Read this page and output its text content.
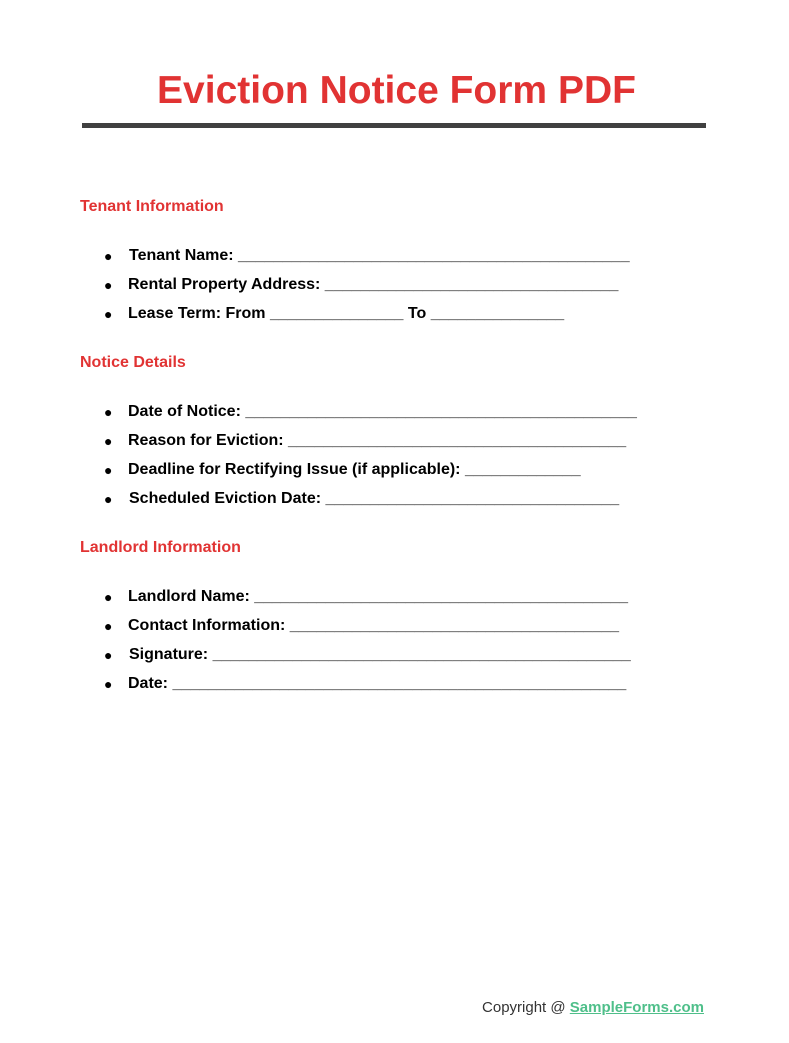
Eviction Notice Form PDF
Tenant Information
● Tenant Name: ____________________________________________
● Rental Property Address: _________________________________
● Lease Term: From _______________ To _______________
Notice Details
● Date of Notice: ____________________________________________
● Reason for Eviction: ______________________________________
● Deadline for Rectifying Issue (if applicable): _____________
● Scheduled Eviction Date: _________________________________
Landlord Information
● Landlord Name: __________________________________________
● Contact Information: _____________________________________
● Signature: _______________________________________________
● Date: ___________________________________________________
Copyright @ SampleForms.com
